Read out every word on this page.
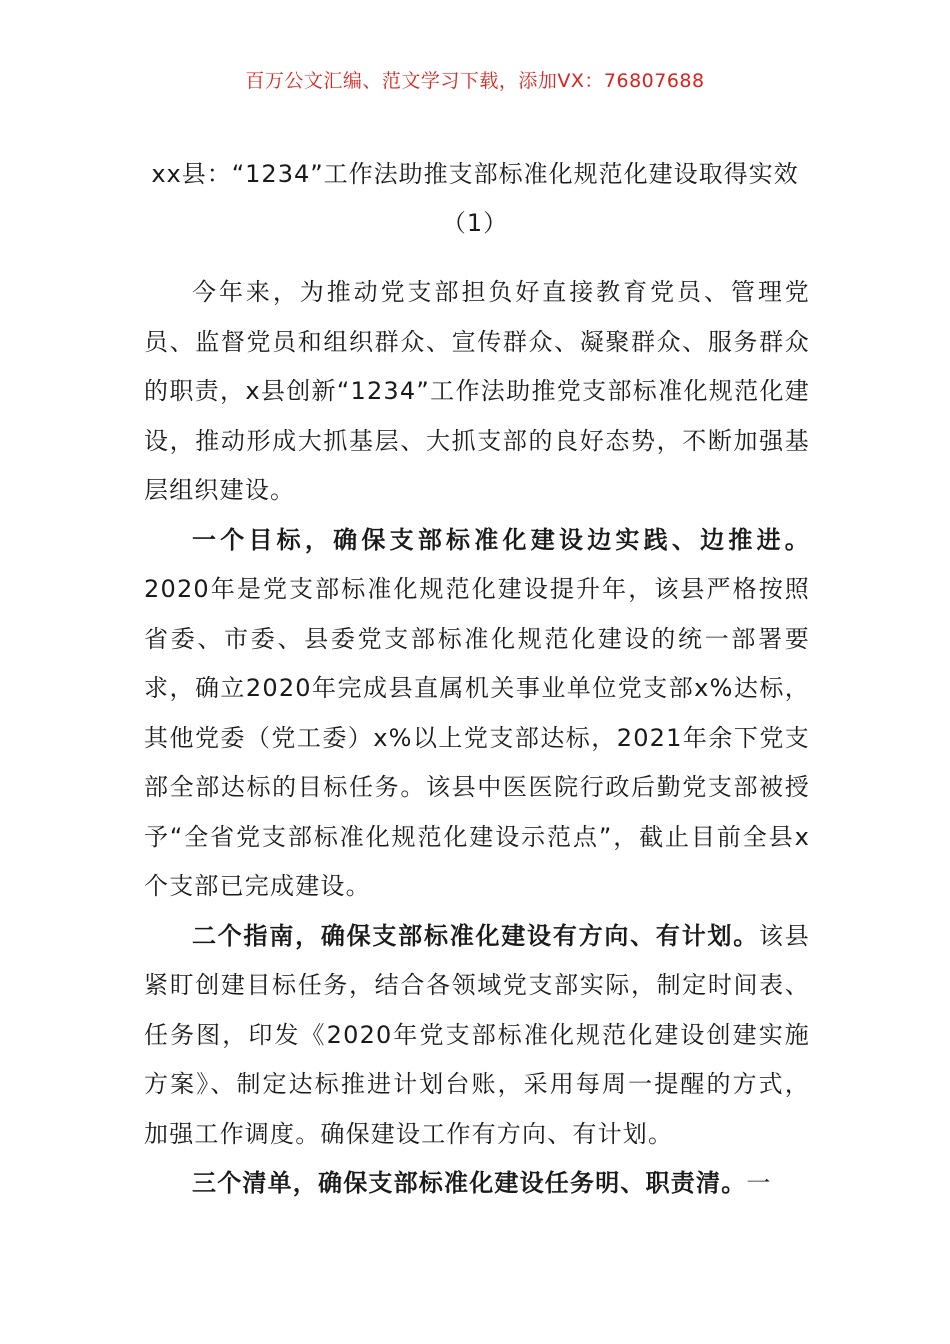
百万公文汇编、范文学习下载，添加VX：76807688
xx县：“1234”工作法助推支部标准化规范化建设取得实效（1）

今年来，为推动党支部担负好直接教育党员、管理党员、监督党员和组织群众、宣传群众、凝聚群众、服务群众的职责，x县创新“1234”工作法助推党支部标准化规范化建设，推动形成大抓基层、大抓支部的良好态势，不断加强基层组织建设。

一个目标，确保支部标准化建设边实践、边推进。2020年是党支部标准化规范化建设提升年，该县严格按照省委、市委、县委党支部标准化规范化建设的统一部署要求，确立2020年完成县直属机关事业单位党支部x%达标，其他党委（党工委）x%以上党支部达标，2021年余下党支部全部达标的目标任务。该县中医医院行政后勤党支部被授予“全省党支部标准化规范化建设示范点”，截止目前全县x个支部已完成建设。

二个指南，确保支部标准化建设有方向、有计划。该县紧盯创建目标任务，结合各领域党支部实际，制定时间表、任务图，印发《2020年党支部标准化规范化建设创建实施方案》、制定达标推进计划台账，采用每周一提醒的方式，加强工作调度。确保建设工作有方向、有计划。

三个清单，确保支部标准化建设任务明、职责清。一
